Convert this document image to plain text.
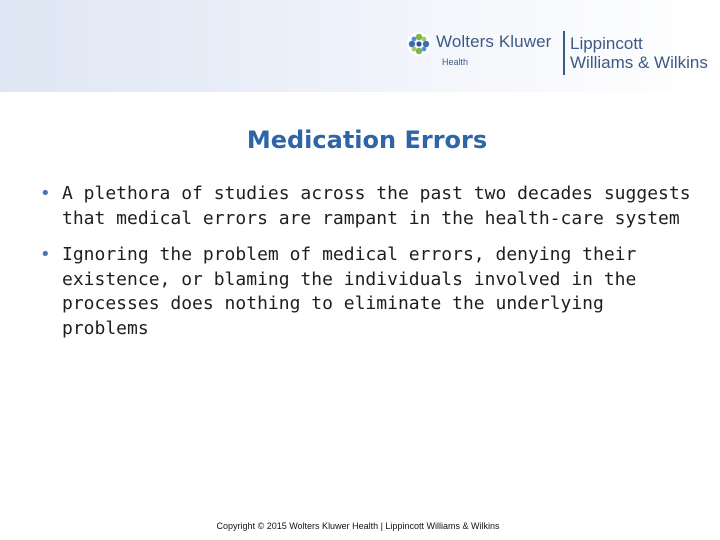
Wolters Kluwer
Health
Lippincott
Williams & Wilkins
Medication Errors
• A plethora of studies across the past two decades suggests that medical errors are rampant in the health-care system
• Ignoring the problem of medical errors, denying their existence, or blaming the individuals involved in the processes does nothing to eliminate the underlying problems
Copyright © 2015 Wolters Kluwer Health | Lippincott Williams & Wilkins
